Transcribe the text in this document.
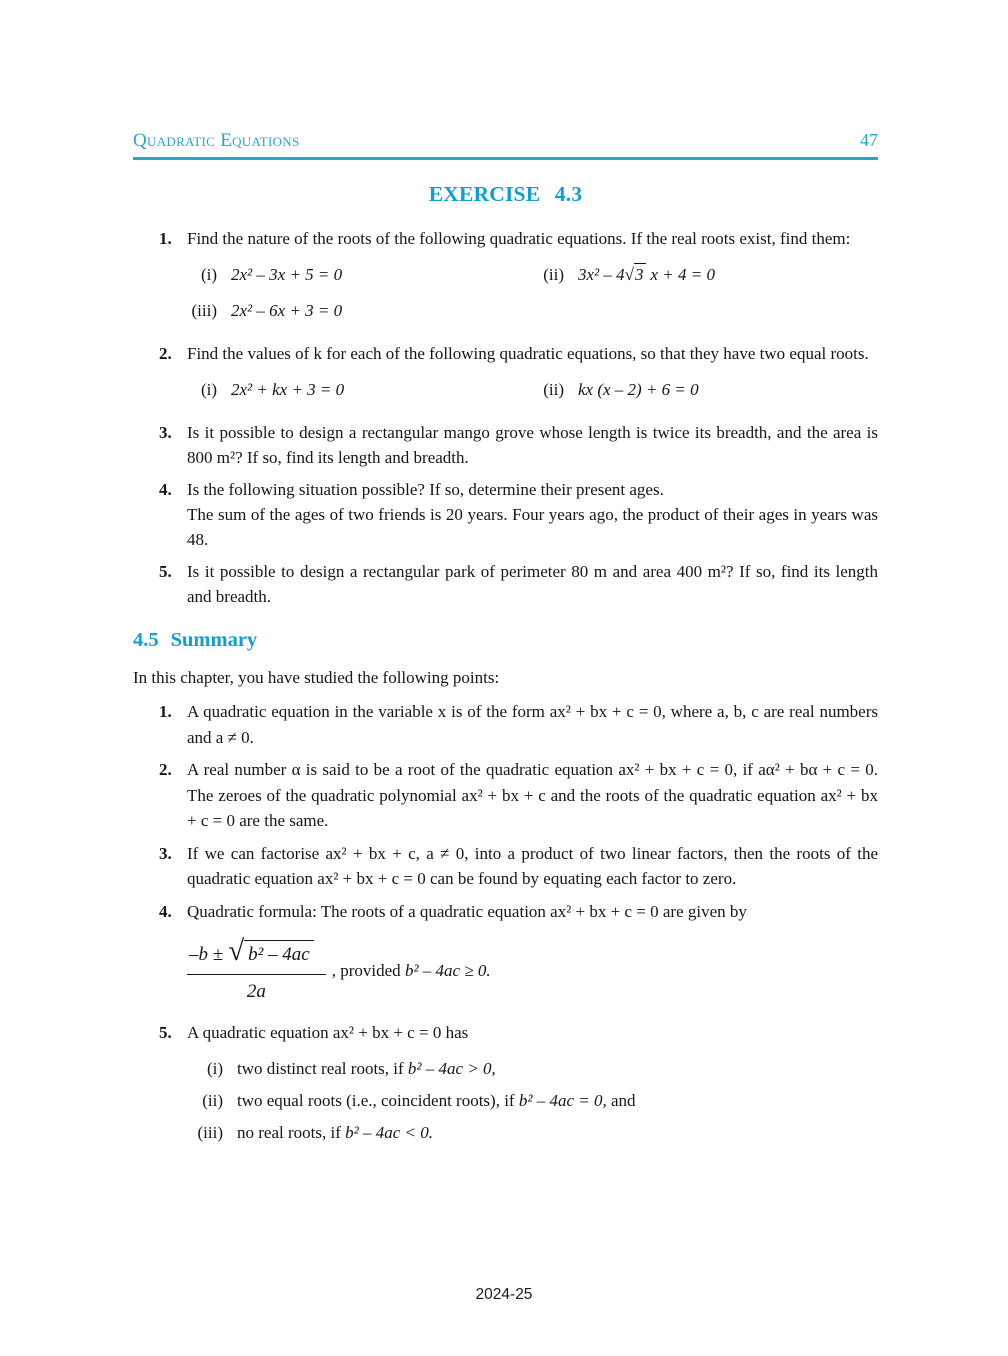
Quadratic Equations	47
EXERCISE 4.3
1. Find the nature of the roots of the following quadratic equations. If the real roots exist, find them:

(i) 2x² – 3x + 5 = 0	(ii) 3x² – 4√3 x + 4 = 0
(iii) 2x² – 6x + 3 = 0
2. Find the values of k for each of the following quadratic equations, so that they have two equal roots.

(i) 2x² + kx + 3 = 0	(ii) kx (x – 2) + 6 = 0
3. Is it possible to design a rectangular mango grove whose length is twice its breadth, and the area is 800 m²? If so, find its length and breadth.

4. Is the following situation possible? If so, determine their present ages.

The sum of the ages of two friends is 20 years. Four years ago, the product of their ages in years was 48.

5. Is it possible to design a rectangular park of perimeter 80 m and area 400 m²? If so, find its length and breadth.

4.5 Summary

In this chapter, you have studied the following points:

1. A quadratic equation in the variable x is of the form ax² + bx + c = 0, where a, b, c are real numbers and a ≠ 0.
2. A real number α is said to be a root of the quadratic equation ax² + bx + c = 0, if aα² + bα + c = 0. The zeroes of the quadratic polynomial ax² + bx + c and the roots of the quadratic equation ax² + bx + c = 0 are the same.
3. If we can factorise ax² + bx + c, a ≠ 0, into a product of two linear factors, then the roots of the quadratic equation ax² + bx + c = 0 can be found by equating each factor to zero.
4. Quadratic formula: The roots of a quadratic equation ax² + bx + c = 0 are given by

$\frac{\text{–b ± √ b² – 4ac}}{2a}$ , provided b² – 4ac ≥ 0.
5. A quadratic equation ax² + bx + c = 0 has

(i) two distinct real roots, if b² – 4ac > 0,
(ii) two equal roots (i.e., coincident roots), if b² – 4ac = 0, and
(iii) no real roots, if b² – 4ac < 0.
2024-25
